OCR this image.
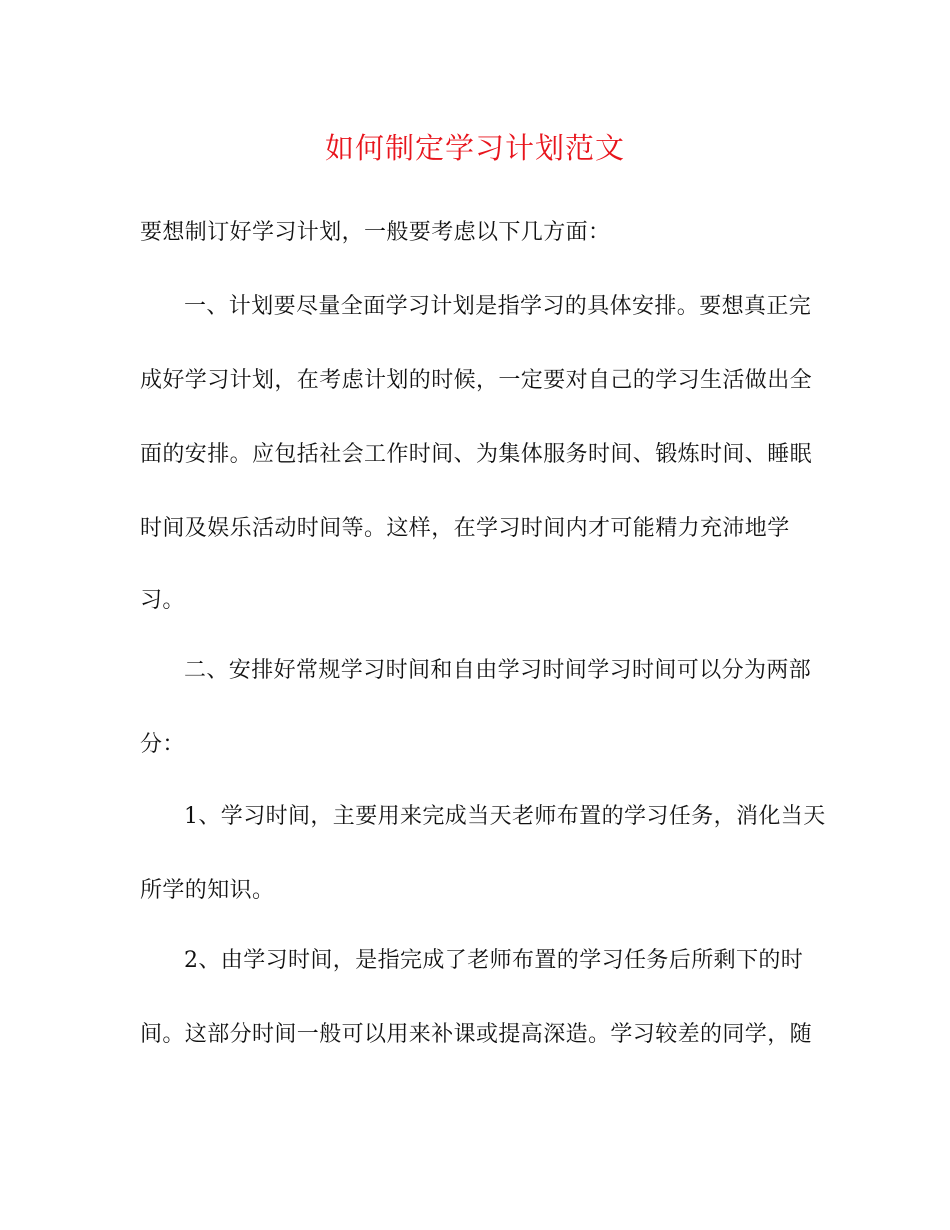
如何制定学习计划范文
要想制订好学习计划，一般要考虑以下几方面：
一、计划要尽量全面学习计划是指学习的具体安排。要想真正完
成好学习计划，在考虑计划的时候，一定要对自己的学习生活做出全
面的安排。应包括社会工作时间、为集体服务时间、锻炼时间、睡眠
时间及娱乐活动时间等。这样，在学习时间内才可能精力充沛地学
习。
二、安排好常规学习时间和自由学习时间学习时间可以分为两部
分：
1、学习时间，主要用来完成当天老师布置的学习任务，消化当天
所学的知识。
2、由学习时间，是指完成了老师布置的学习任务后所剩下的时
间。这部分时间一般可以用来补课或提高深造。学习较差的同学，随
